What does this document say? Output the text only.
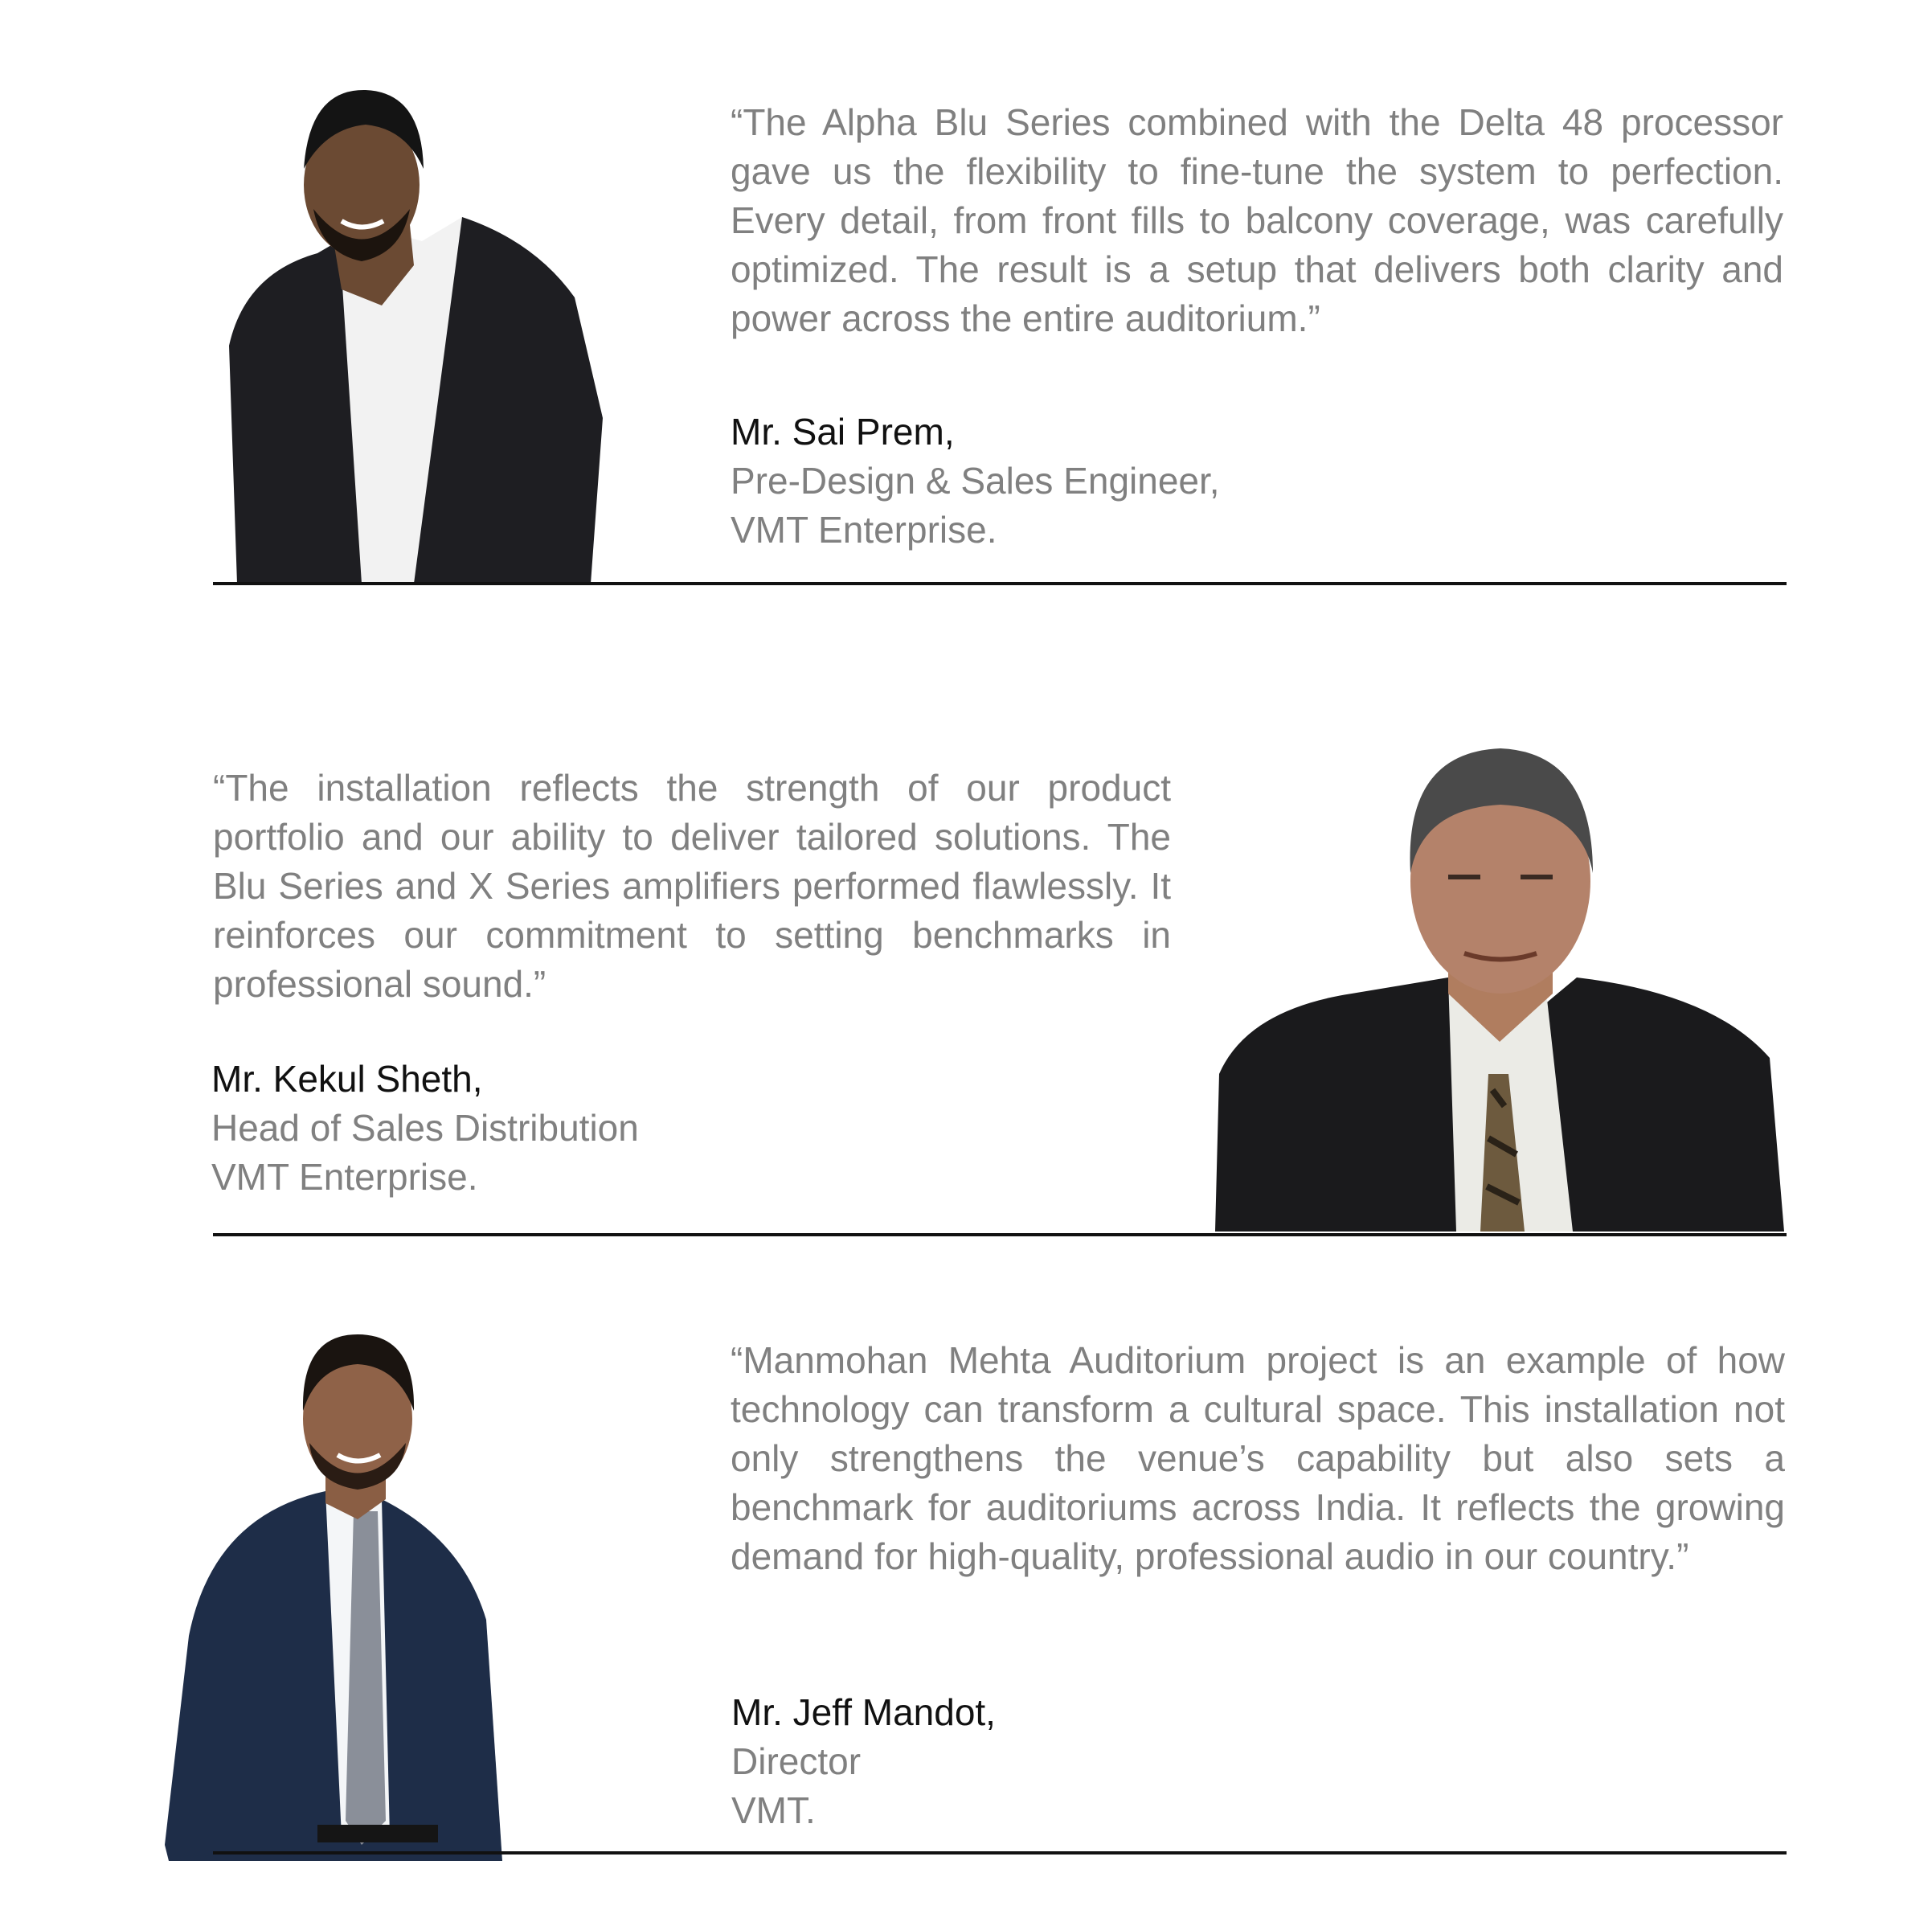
“The Alpha Blu Series combined with the Delta 48 processor gave us the flexibility to fine-tune the system to perfection. Every detail, from front fills to balcony coverage, was carefully optimized. The result is a setup that delivers both clarity and power across the entire auditorium.”
Mr. Sai Prem,
Pre-Design & Sales Engineer,
VMT Enterprise.
“The installation reflects the strength of our product portfolio and our ability to deliver tailored solutions. The Blu Series and X Series amplifiers performed flawlessly. It reinforces our commitment to setting benchmarks in professional sound.”
Mr. Kekul Sheth,
Head of Sales Distribution
VMT Enterprise.
“Manmohan Mehta Auditorium project is an example of how technology can transform a cultural space. This installation not only strengthens the venue’s capability but also sets a benchmark for auditoriums across India. It reflects the growing demand for high-quality, professional audio in our country.”
Mr. Jeff Mandot,
Director
VMT.
